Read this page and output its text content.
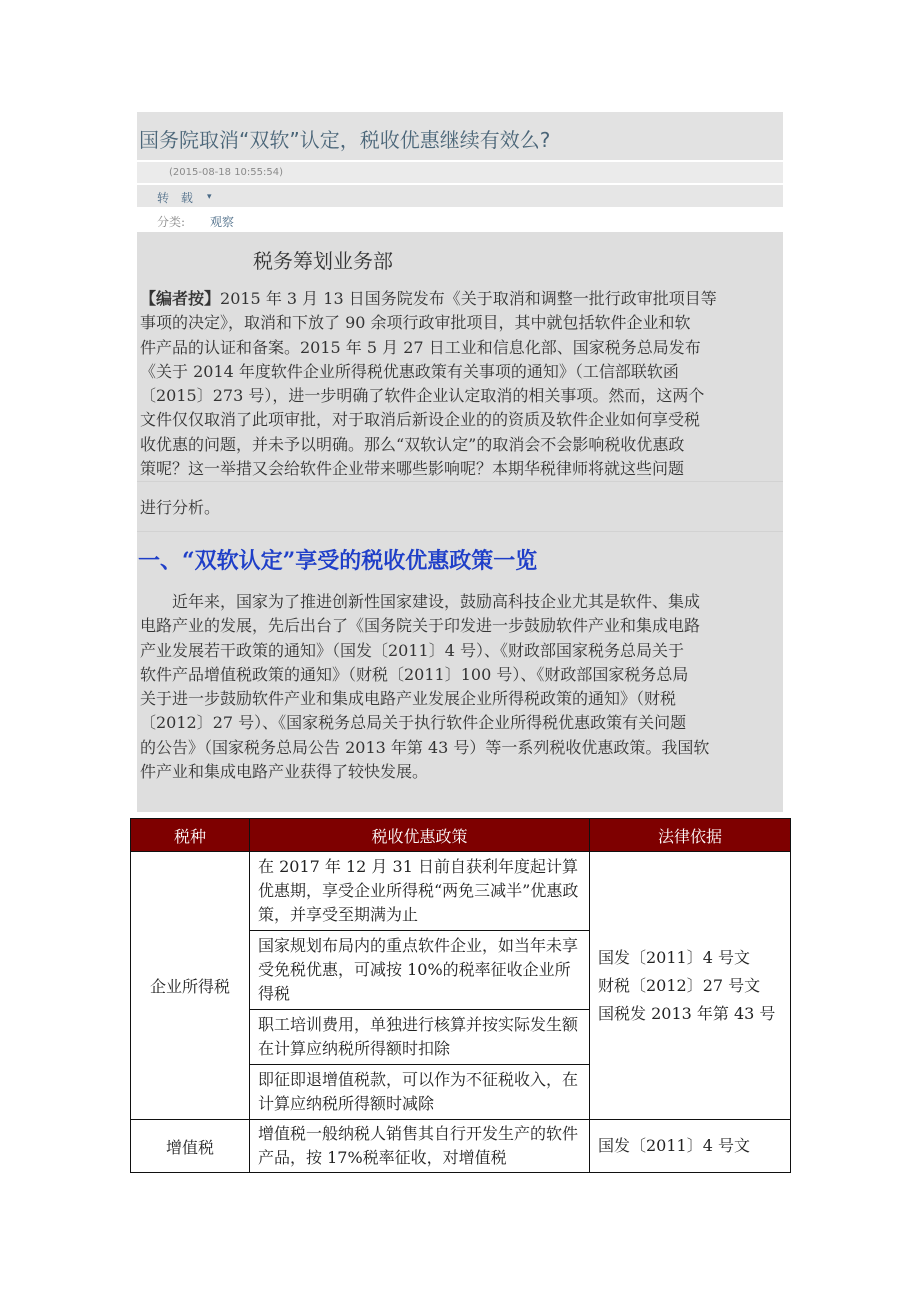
国务院取消“双软”认定，税收优惠继续有效么?
(2015-08-18 10:55:54)
转 载 ▾
分类: 观察
税务筹划业务部
【编者按】2015 年 3 月 13 日国务院发布《关于取消和调整一批行政审批项目等
事项的决定》，取消和下放了 90 余项行政审批项目，其中就包括软件企业和软
件产品的认证和备案。2015 年 5 月 27 日工业和信息化部、国家税务总局发布
《关于 2014 年度软件企业所得税优惠政策有关事项的通知》（工信部联软函
〔2015〕273 号），进一步明确了软件企业认定取消的相关事项。然而，这两个
文件仅仅取消了此项审批，对于取消后新设企业的的资质及软件企业如何享受税
收优惠的问题，并未予以明确。那么“双软认定”的取消会不会影响税收优惠政
策呢？这一举措又会给软件企业带来哪些影响呢？本期华税律师将就这些问题
进行分析。
一、“双软认定”享受的税收优惠政策一览
近年来，国家为了推进创新性国家建设，鼓励高科技企业尤其是软件、集成
电路产业的发展，先后出台了《国务院关于印发进一步鼓励软件产业和集成电路
产业发展若干政策的通知》（国发〔2011〕4 号）、《财政部国家税务总局关于
软件产品增值税政策的通知》（财税〔2011〕100 号）、《财政部国家税务总局
关于进一步鼓励软件产业和集成电路产业发展企业所得税政策的通知》（财税
〔2012〕27 号）、《国家税务总局关于执行软件企业所得税优惠政策有关问题
的公告》（国家税务总局公告 2013 年第 43 号）等一系列税收优惠政策。我国软
件产业和集成电路产业获得了较快发展。
税种	税收优惠政策	法律依据
企业所得税	在 2017 年 12 月 31 日前自获利年度起计算优惠期，享受企业所得税“两免三减半”优惠政策，并享受至期满为止	国发〔2011〕4 号文
财税〔2012〕27 号文
国税发 2013 年第 43 号

	国家规划布局内的重点软件企业，如当年未享受免税优惠，可减按 10%的税率征收企业所得税	
	职工培训费用，单独进行核算并按实际发生额在计算应纳税所得额时扣除	
	即征即退增值税款，可以作为不征税收入，在计算应纳税所得额时减除	
增值税	增值税一般纳税人销售其自行开发生产的软件产品，按 17%税率征收，对增值税	国发〔2011〕4 号文
